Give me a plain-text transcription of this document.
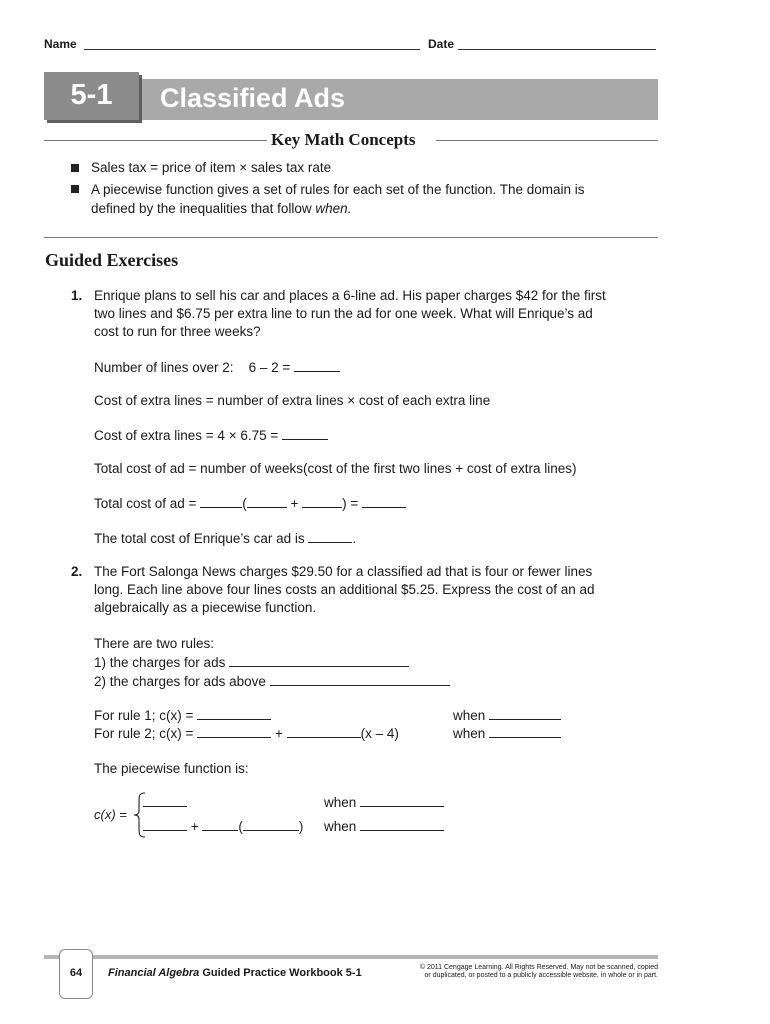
Name	Date
5-1	Classified Ads
Key Math Concepts
Sales tax = price of item × sales tax rate
A piecewise function gives a set of rules for each set of the function. The domain is
defined by the inequalities that follow when.
Guided Exercises
1. Enrique plans to sell his car and places a 6-line ad. His paper charges $42 for the first
two lines and $6.75 per extra line to run the ad for one week. What will Enrique’s ad
cost to run for three weeks?
Number of lines over 2:    6 – 2 =
Cost of extra lines = number of extra lines × cost of each extra line
Cost of extra lines = 4 × 6.75 =
Total cost of ad = number of weeks(cost of the first two lines + cost of extra lines)
Total cost of ad =	(	+	) =
The total cost of Enrique’s car ad is	.
2. The Fort Salonga News charges $29.50 for a classified ad that is four or fewer lines
long. Each line above four lines costs an additional $5.25. Express the cost of an ad
algebraically as a piecewise function.
There are two rules:
1) the charges for ads
2) the charges for ads above
For rule 1; c(x) =	when
For rule 2; c(x) =	+	(x – 4)	when
The piecewise function is:
c(x) =
when
+	(	) when
64	Financial Algebra Guided Practice Workbook 5-1	© 2011 Cengage Learning. All Rights Reserved. May not be scanned, copied
or duplicated, or posted to a publicly accessible website, in whole or in part.
